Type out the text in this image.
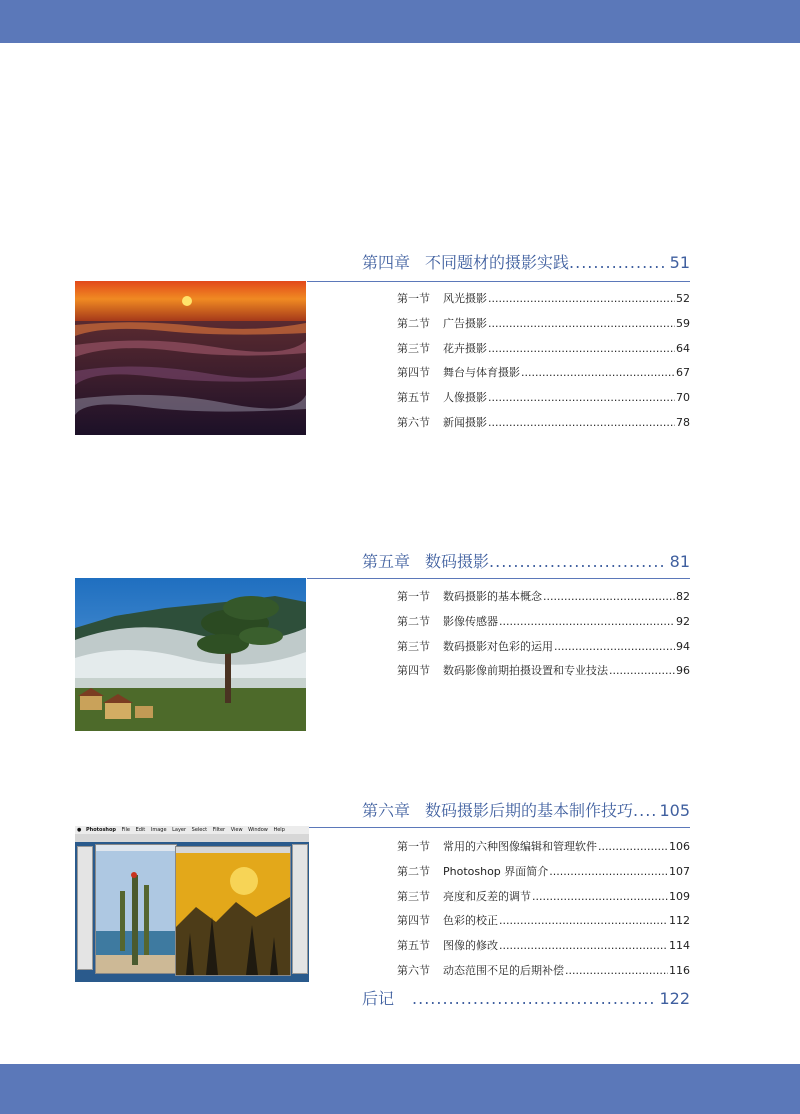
第四章 不同题材的摄影实践 .....	51
第一节	风光摄影 .....	52
第二节	广告摄影 .....	59
第三节	花卉摄影 .....	64
第四节	舞台与体育摄影 .....	67
第五节	人像摄影 .....	70
第六节	新闻摄影 .....	78
第五章 数码摄影 .....	81
第一节	数码摄影的基本概念 .....	82
第二节	影像传感器 .....	92
第三节	数码摄影对色彩的运用 .....	94
第四节	数码影像前期拍摄设置和专业技法 .....	96
第六章 数码摄影后期的基本制作技巧 ..... 105
第一节	常用的六种图像编辑和管理软件 .....	106
第二节	Photoshop 界面简介 .....	107
第三节	亮度和反差的调节 .....	109
第四节	色彩的校正 .....	112
第五节	图像的修改 .....	114
第六节	动态范围不足的后期补偿 .....	116
● Photoshop File Edit Image Layer Select Filter View Window Help
后记 .....	122
